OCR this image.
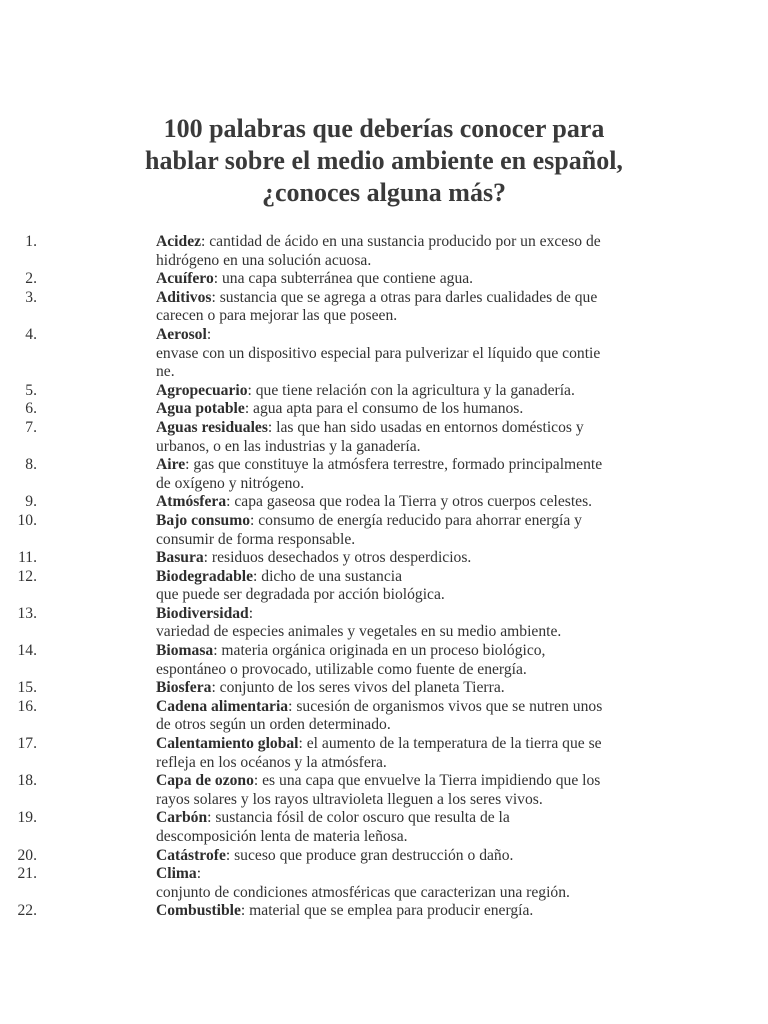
100 palabras que deberías conocer para
hablar sobre el medio ambiente en español,
¿conoces alguna más?
1.	Acidez: cantidad de ácido en una sustancia producido por un exceso de
hidrógeno en una solución acuosa.
2.	Acuífero: una capa subterránea que contiene agua.
3.	Aditivos: sustancia que se agrega a otras para darles cualidades de que
carecen o para mejorar las que poseen.
4.	Aerosol:
envase con un dispositivo especial para pulverizar el líquido que contie
ne.
5.	Agropecuario: que tiene relación con la agricultura y la ganadería.
6.	Agua potable: agua apta para el consumo de los humanos.
7.	Aguas residuales: las que han sido usadas en entornos domésticos y
urbanos, o en las industrias y la ganadería.
8.	Aire: gas que constituye la atmósfera terrestre, formado principalmente
de oxígeno y nitrógeno.
9.	Atmósfera: capa gaseosa que rodea la Tierra y otros cuerpos celestes.
10.	Bajo consumo: consumo de energía reducido para ahorrar energía y
consumir de forma responsable.
11.	Basura: residuos desechados y otros desperdicios.
12.	Biodegradable: dicho de una sustancia
que puede ser degradada por acción biológica.
13.	Biodiversidad:
variedad de especies animales y vegetales en su medio ambiente.
14.	Biomasa: materia orgánica originada en un proceso biológico,
espontáneo o provocado, utilizable como fuente de energía.
15.	Biosfera: conjunto de los seres vivos del planeta Tierra.
16.	Cadena alimentaria: sucesión de organismos vivos que se nutren unos
de otros según un orden determinado.
17.	Calentamiento global: el aumento de la temperatura de la tierra que se
refleja en los océanos y la atmósfera.
18.	Capa de ozono: es una capa que envuelve la Tierra impidiendo que los
rayos solares y los rayos ultravioleta lleguen a los seres vivos.
19.	Carbón: sustancia fósil de color oscuro que resulta de la
descomposición lenta de materia leñosa.
20.	Catástrofe: suceso que produce gran destrucción o daño.
21.	Clima:
conjunto de condiciones atmosféricas que caracterizan una región.
22.	Combustible: material que se emplea para producir energía.
